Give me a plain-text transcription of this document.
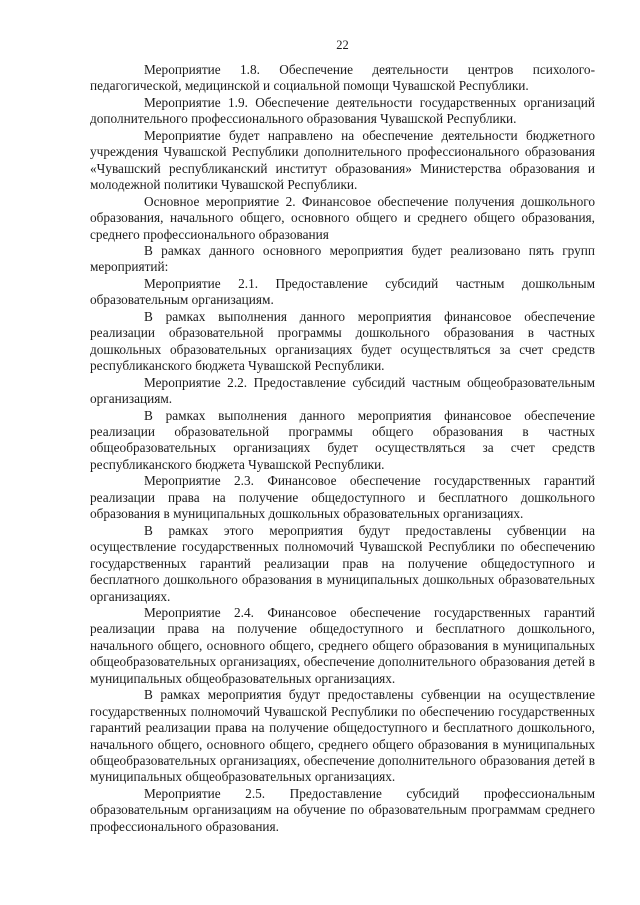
22

Мероприятие 1.8. Обеспечение деятельности центров психолого-педагогической, медицинской и социальной помощи Чувашской Республики.

Мероприятие 1.9. Обеспечение деятельности государственных организаций дополнительного профессионального образования Чувашской Республики.

Мероприятие будет направлено на обеспечение деятельности бюджетного учреждения Чувашской Республики дополнительного профессионального образования «Чувашский республиканский институт образования» Министерства образования и молодежной политики Чувашской Республики.

Основное мероприятие 2. Финансовое обеспечение получения дошкольного образования, начального общего, основного общего и среднего общего образования, среднего профессионального образования

В рамках данного основного мероприятия будет реализовано пять групп мероприятий:

Мероприятие 2.1. Предоставление субсидий частным дошкольным образовательным организациям.

В рамках выполнения данного мероприятия финансовое обеспечение реализации образовательной программы дошкольного образования в частных дошкольных образовательных организациях будет осуществляться за счет средств республиканского бюджета Чувашской Республики.

Мероприятие 2.2. Предоставление субсидий частным общеобразовательным организациям.

В рамках выполнения данного мероприятия финансовое обеспечение реализации образовательной программы общего образования в частных общеобразовательных организациях будет осуществляться за счет средств республиканского бюджета Чувашской Республики.

Мероприятие 2.3. Финансовое обеспечение государственных гарантий реализации права на получение общедоступного и бесплатного дошкольного образования в муниципальных дошкольных образовательных организациях.

В рамках этого мероприятия будут предоставлены субвенции на осуществление государственных полномочий Чувашской Республики по обеспечению государственных гарантий реализации прав на получение общедоступного и бесплатного дошкольного образования в муниципальных дошкольных образовательных организациях.

Мероприятие 2.4. Финансовое обеспечение государственных гарантий реализации права на получение общедоступного и бесплатного дошкольного, начального общего, основного общего, среднего общего образования в муниципальных общеобразовательных организациях, обеспечение дополнительного образования детей в муниципальных общеобразовательных организациях.

В рамках мероприятия будут предоставлены субвенции на осуществление государственных полномочий Чувашской Республики по обеспечению государственных гарантий реализации права на получение общедоступного и бесплатного дошкольного, начального общего, основного общего, среднего общего образования в муниципальных общеобразовательных организациях, обеспечение дополнительного образования детей в муниципальных общеобразовательных организациях.

Мероприятие 2.5. Предоставление субсидий профессиональным образовательным организациям на обучение по образовательным программам среднего профессионального образования.
